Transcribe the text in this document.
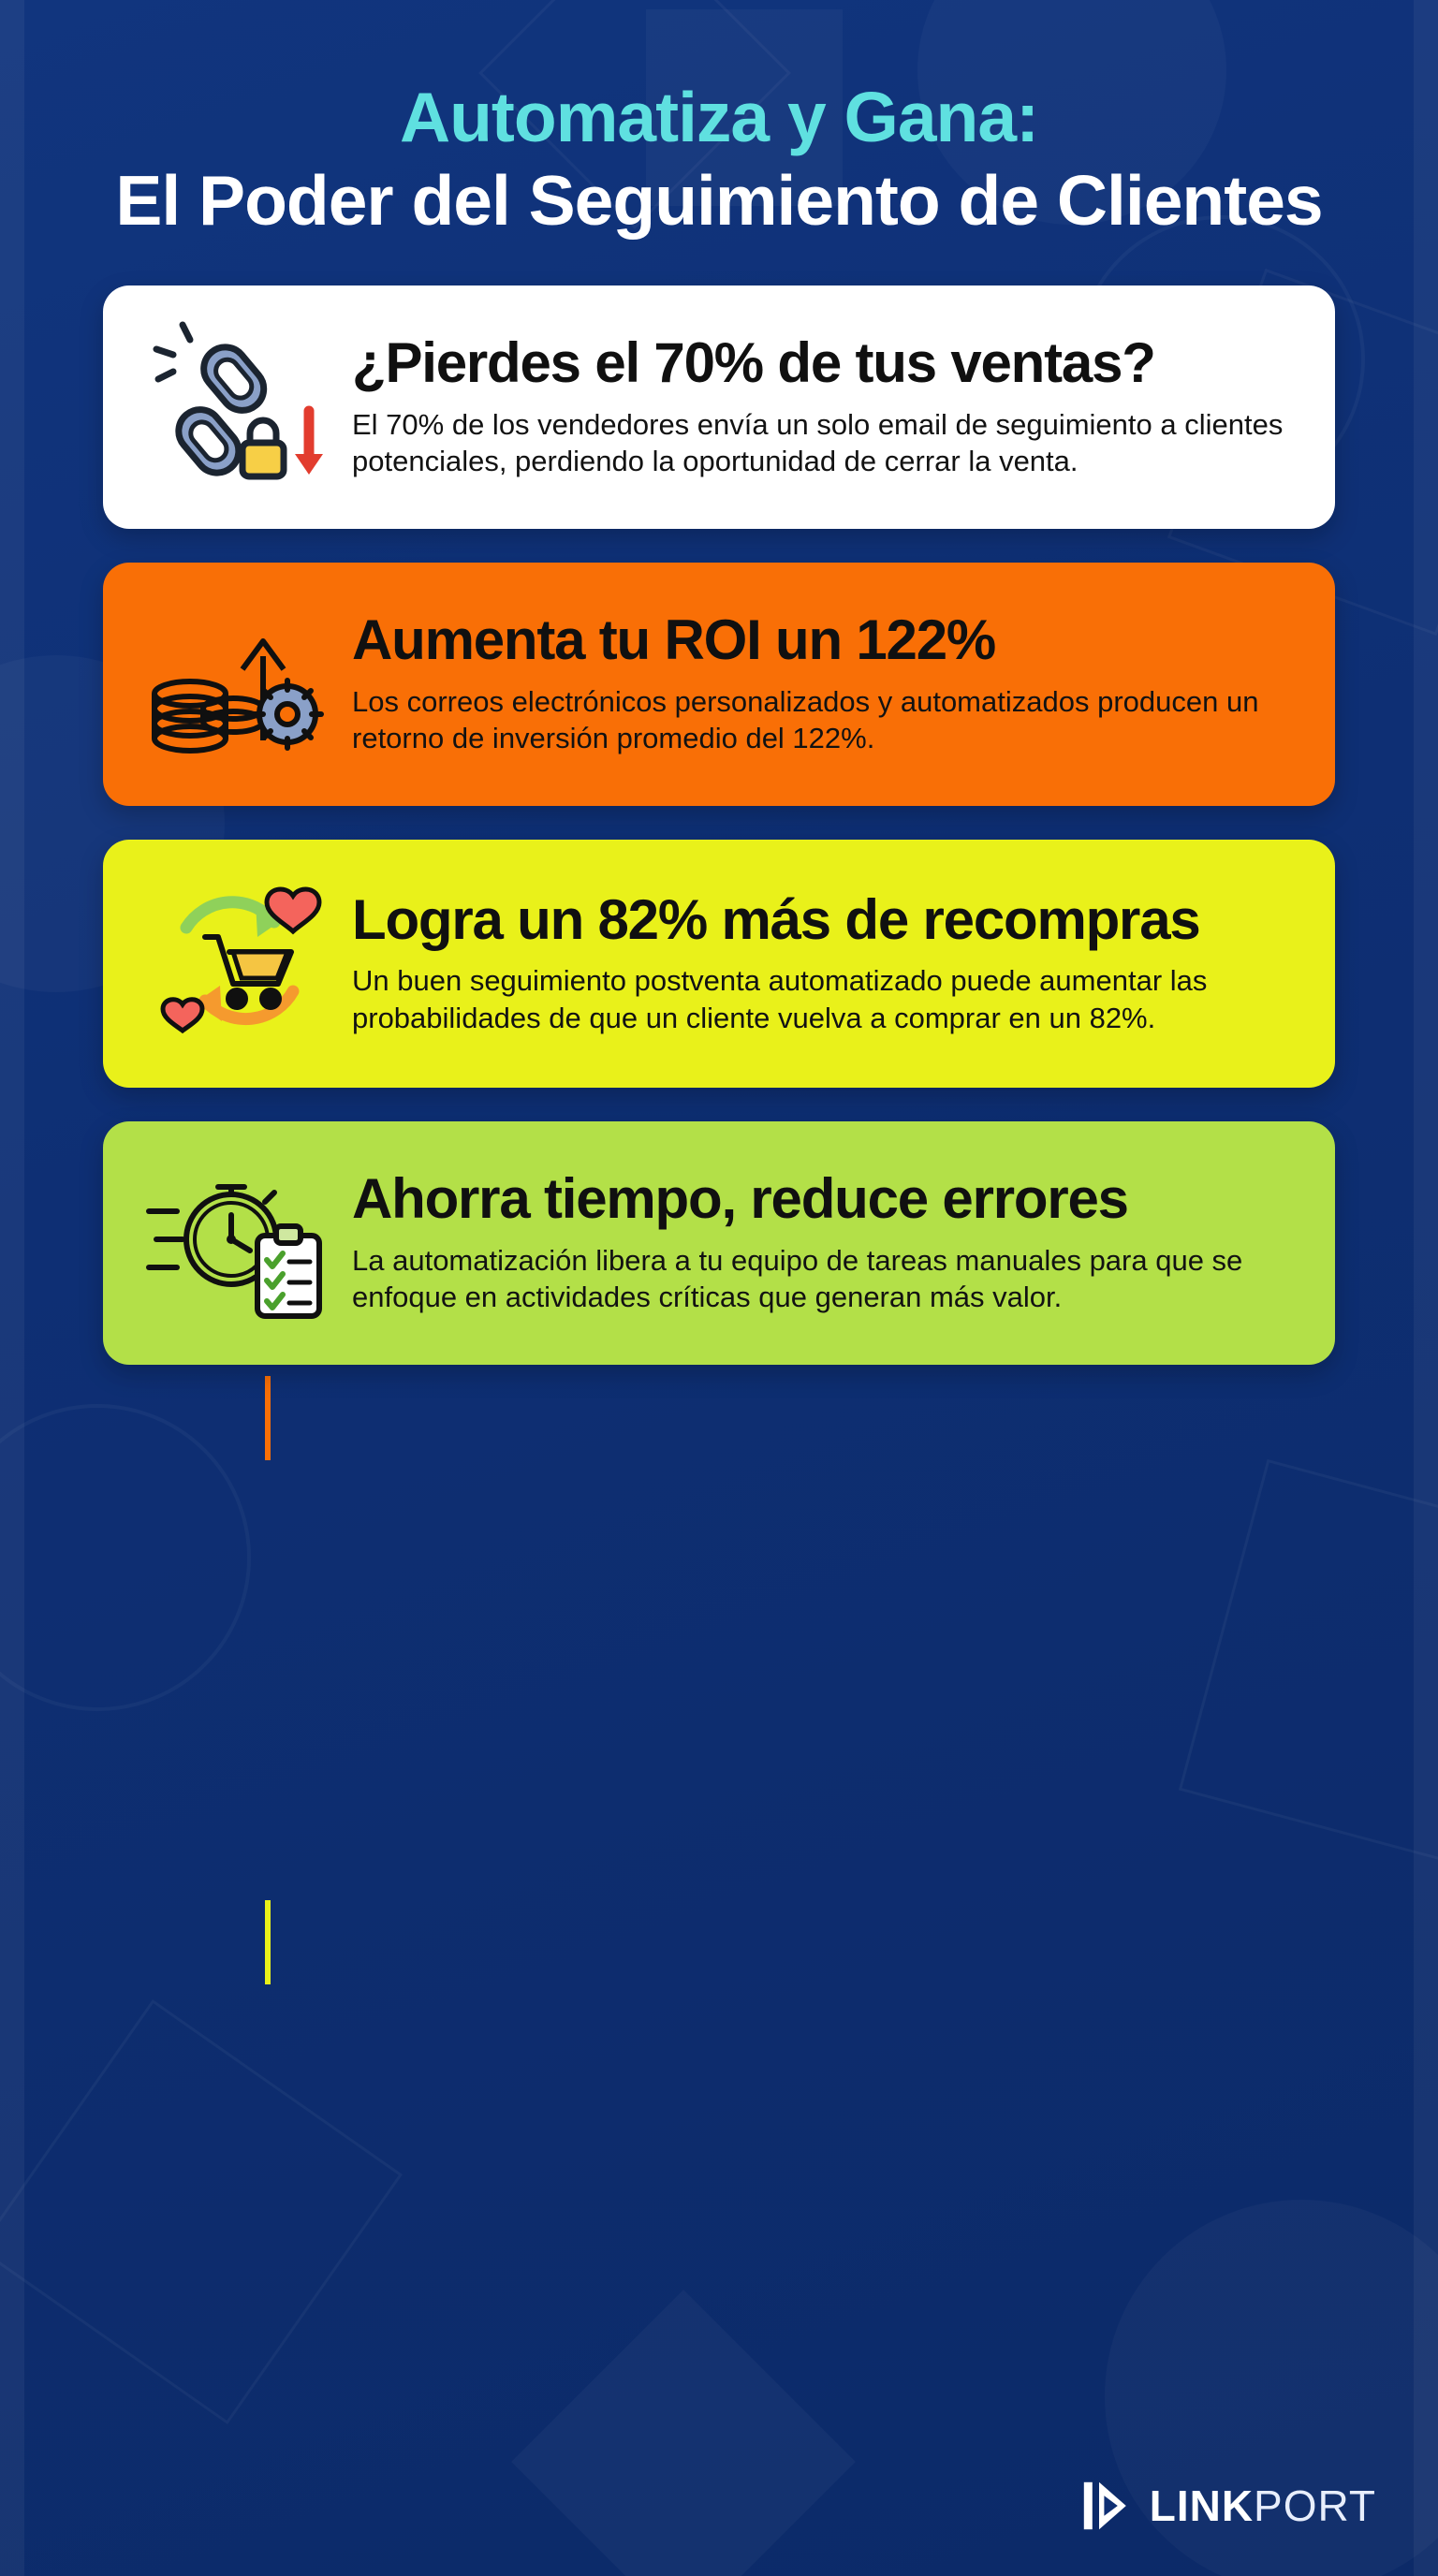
Automatiza y Gana:
El Poder del Seguimiento de Clientes
¿Pierdes el 70% de tus ventas?

El 70% de los vendedores envía un solo email de seguimiento a clientes potenciales, perdiendo la oportunidad de cerrar la venta.

Aumenta tu ROI un 122%

Los correos electrónicos personalizados y automatizados producen un retorno de inversión promedio del 122%.

Logra un 82% más de recompras

Un buen seguimiento postventa automatizado puede aumentar las probabilidades de que un cliente vuelva a comprar en un 82%.

Ahorra tiempo, reduce errores

La automatización libera a tu equipo de tareas manuales para que se enfoque en actividades críticas que generan más valor.

LINKPORT
